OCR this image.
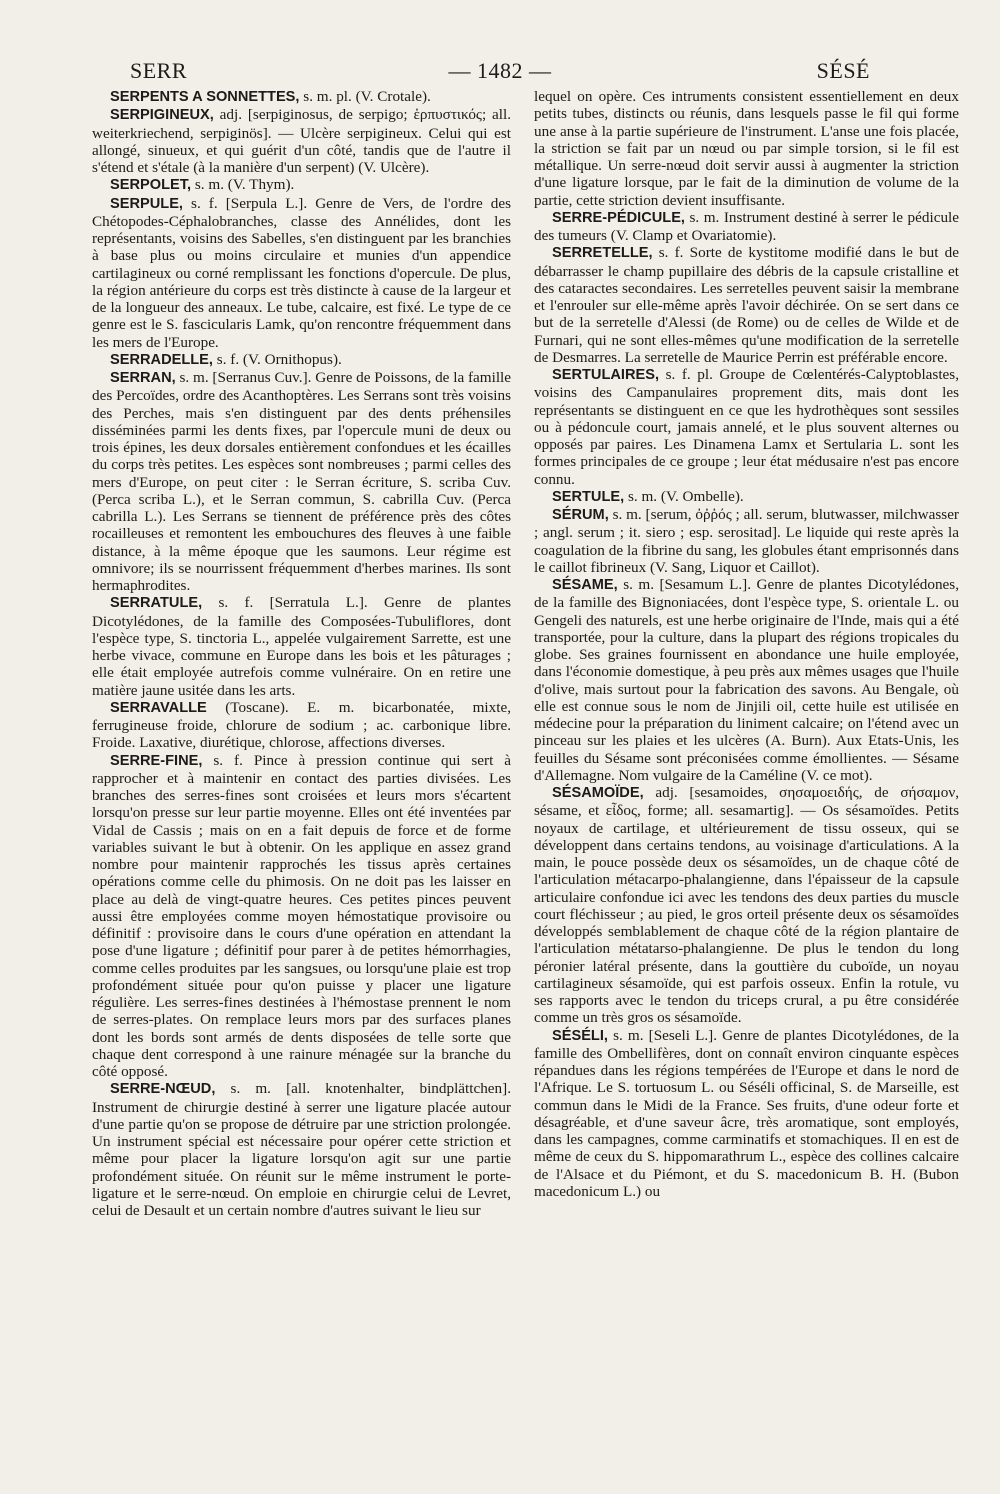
SERR	— 1482 —	SÉSÉ

SERPENTS A SONNETTES, s. m. pl. (V. Crotale).

SERPIGINEUX, adj. [serpiginosus, de serpigo; ἑρπυστικός; all. weiterkriechend, serpiginös]. — Ulcère serpigineux. Celui qui est allongé, sinueux, et qui guérit d'un côté, tandis que de l'autre il s'étend et s'étale (à la manière d'un serpent) (V. Ulcère).

SERPOLET, s. m. (V. Thym).

SERPULE, s. f. [Serpula L.]. Genre de Vers, de l'ordre des Chétopodes-Céphalobranches, classe des Annélides, dont les représentants, voisins des Sabelles, s'en distinguent par les branchies à base plus ou moins circulaire et munies d'un appendice cartilagineux ou corné remplissant les fonctions d'opercule. De plus, la région antérieure du corps est très distincte à cause de la largeur et de la longueur des anneaux. Le tube, calcaire, est fixé. Le type de ce genre est le S. fascicularis Lamk, qu'on rencontre fréquemment dans les mers de l'Europe.

SERRADELLE, s. f. (V. Ornithopus).

SERRAN, s. m. [Serranus Cuv.]. Genre de Poissons, de la famille des Percoïdes, ordre des Acanthoptères. Les Serrans sont très voisins des Perches, mais s'en distinguent par des dents préhensiles disséminées parmi les dents fixes, par l'opercule muni de deux ou trois épines, les deux dorsales entièrement confondues et les écailles du corps très petites. Les espèces sont nombreuses ; parmi celles des mers d'Europe, on peut citer : le Serran écriture, S. scriba Cuv. (Perca scriba L.), et le Serran commun, S. cabrilla Cuv. (Perca cabrilla L.). Les Serrans se tiennent de préférence près des côtes rocailleuses et remontent les embouchures des fleuves à une faible distance, à la même époque que les saumons. Leur régime est omnivore; ils se nourrissent fréquemment d'herbes marines. Ils sont hermaphrodites.

SERRATULE, s. f. [Serratula L.]. Genre de plantes Dicotylédones, de la famille des Composées-Tubuliflores, dont l'espèce type, S. tinctoria L., appelée vulgairement Sarrette, est une herbe vivace, commune en Europe dans les bois et les pâturages ; elle était employée autrefois comme vulnéraire. On en retire une matière jaune usitée dans les arts.

SERRAVALLE (Toscane). E. m. bicarbonatée, mixte, ferrugineuse froide, chlorure de sodium ; ac. carbonique libre. Froide. Laxative, diurétique, chlorose, affections diverses.

SERRE-FINE, s. f. Pince à pression continue qui sert à rapprocher et à maintenir en contact des parties divisées. Les branches des serres-fines sont croisées et leurs mors s'écartent lorsqu'on presse sur leur partie moyenne. Elles ont été inventées par Vidal de Cassis ; mais on en a fait depuis de force et de forme variables suivant le but à obtenir. On les applique en assez grand nombre pour maintenir rapprochés les tissus après certaines opérations comme celle du phimosis. On ne doit pas les laisser en place au delà de vingt-quatre heures. Ces petites pinces peuvent aussi être employées comme moyen hémostatique provisoire ou définitif : provisoire dans le cours d'une opération en attendant la pose d'une ligature ; définitif pour parer à de petites hémorrhagies, comme celles produites par les sangsues, ou lorsqu'une plaie est trop profondément située pour qu'on puisse y placer une ligature régulière. Les serres-fines destinées à l'hémostase prennent le nom de serres-plates. On remplace leurs mors par des surfaces planes dont les bords sont armés de dents disposées de telle sorte que chaque dent correspond à une rainure ménagée sur la branche du côté opposé.

SERRE-NŒUD, s. m. [all. knotenhalter, bindplättchen]. Instrument de chirurgie destiné à serrer une ligature placée autour d'une partie qu'on se propose de détruire par une striction prolongée. Un instrument spécial est nécessaire pour opérer cette striction et même pour placer la ligature lorsqu'on agit sur une partie profondément située. On réunit sur le même instrument le porte-ligature et le serre-nœud. On emploie en chirurgie celui de Levret, celui de Desault et un certain nombre d'autres suivant le lieu sur

lequel on opère. Ces intruments consistent essentiellement en deux petits tubes, distincts ou réunis, dans lesquels passe le fil qui forme une anse à la partie supérieure de l'instrument. L'anse une fois placée, la striction se fait par un nœud ou par simple torsion, si le fil est métallique. Un serre-nœud doit servir aussi à augmenter la striction d'une ligature lorsque, par le fait de la diminution de volume de la partie, cette striction devient insuffisante.

SERRE-PÉDICULE, s. m. Instrument destiné à serrer le pédicule des tumeurs (V. Clamp et Ovariatomie).

SERRETELLE, s. f. Sorte de kystitome modifié dans le but de débarrasser le champ pupillaire des débris de la capsule cristalline et des cataractes secondaires. Les serretelles peuvent saisir la membrane et l'enrouler sur elle-même après l'avoir déchirée. On se sert dans ce but de la serretelle d'Alessi (de Rome) ou de celles de Wilde et de Furnari, qui ne sont elles-mêmes qu'une modification de la serretelle de Desmarres. La serretelle de Maurice Perrin est préférable encore.

SERTULAIRES, s. f. pl. Groupe de Cœlentérés-Calyptoblastes, voisins des Campanulaires proprement dits, mais dont les représentants se distinguent en ce que les hydrothèques sont sessiles ou à pédoncule court, jamais annelé, et le plus souvent alternes ou opposés par paires. Les Dinamena Lamx et Sertularia L. sont les formes principales de ce groupe ; leur état médusaire n'est pas encore connu.

SERTULE, s. m. (V. Ombelle).

SÉRUM, s. m. [serum, ὀῤῥός ; all. serum, blutwasser, milchwasser ; angl. serum ; it. siero ; esp. serositad]. Le liquide qui reste après la coagulation de la fibrine du sang, les globules étant emprisonnés dans le caillot fibrineux (V. Sang, Liquor et Caillot).

SÉSAME, s. m. [Sesamum L.]. Genre de plantes Dicotylédones, de la famille des Bignoniacées, dont l'espèce type, S. orientale L. ou Gengeli des naturels, est une herbe originaire de l'Inde, mais qui a été transportée, pour la culture, dans la plupart des régions tropicales du globe. Ses graines fournissent en abondance une huile employée, dans l'économie domestique, à peu près aux mêmes usages que l'huile d'olive, mais surtout pour la fabrication des savons. Au Bengale, où elle est connue sous le nom de Jinjili oil, cette huile est utilisée en médecine pour la préparation du liniment calcaire; on l'étend avec un pinceau sur les plaies et les ulcères (A. Burn). Aux Etats-Unis, les feuilles du Sésame sont préconisées comme émollientes. — Sésame d'Allemagne. Nom vulgaire de la Caméline (V. ce mot).

SÉSAMOÏDE, adj. [sesamoides, σησαμοειδής, de σήσαμον, sésame, et εἶδος, forme; all. sesamartig]. — Os sésamoïdes. Petits noyaux de cartilage, et ultérieurement de tissu osseux, qui se développent dans certains tendons, au voisinage d'articulations. A la main, le pouce possède deux os sésamoïdes, un de chaque côté de l'articulation métacarpo-phalangienne, dans l'épaisseur de la capsule articulaire confondue ici avec les tendons des deux parties du muscle court fléchisseur ; au pied, le gros orteil présente deux os sésamoïdes développés semblablement de chaque côté de la région plantaire de l'articulation métatarso-phalangienne. De plus le tendon du long péronier latéral présente, dans la gouttière du cuboïde, un noyau cartilagineux sésamoïde, qui est parfois osseux. Enfin la rotule, vu ses rapports avec le tendon du triceps crural, a pu être considérée comme un très gros os sésamoïde.

SÉSÉLI, s. m. [Seseli L.]. Genre de plantes Dicotylédones, de la famille des Ombellifères, dont on connaît environ cinquante espèces répandues dans les régions tempérées de l'Europe et dans le nord de l'Afrique. Le S. tortuosum L. ou Séséli officinal, S. de Marseille, est commun dans le Midi de la France. Ses fruits, d'une odeur forte et désagréable, et d'une saveur âcre, très aromatique, sont employés, dans les campagnes, comme carminatifs et stomachiques. Il en est de même de ceux du S. hippomarathrum L., espèce des collines calcaire de l'Alsace et du Piémont, et du S. macedonicum B. H. (Bubon macedonicum L.) ou
